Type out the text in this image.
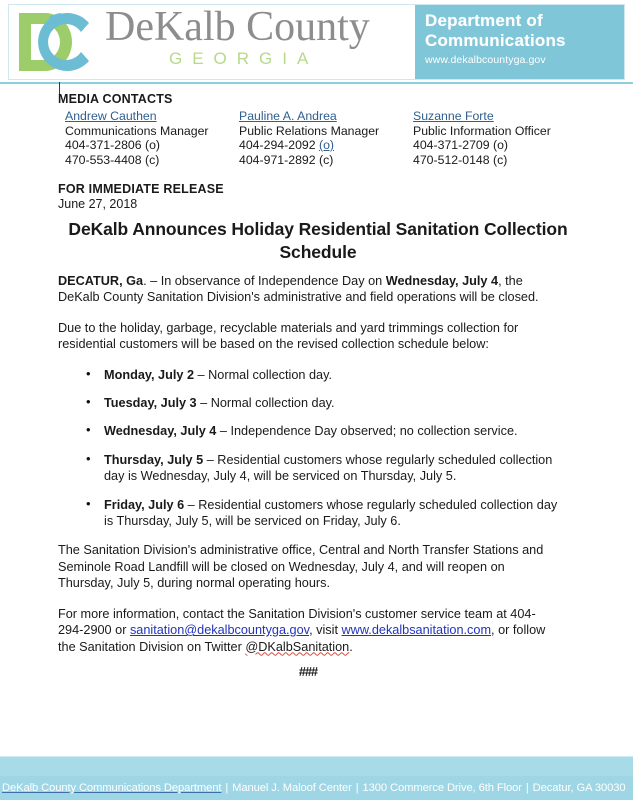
DeKalb County
GEORGIA
Department of
Communications
www.dekalbcountyga.gov
MEDIA CONTACTS
Andrew Cauthen
Communications Manager
404-371-2806 (o)
470-553-4408 (c)
Pauline A. Andrea
Public Relations Manager
404-294-2092 (o)
404-971-2892 (c)
Suzanne Forte
Public Information Officer
404-371-2709 (o)
470-512-0148 (c)
FOR IMMEDIATE RELEASE
June 27, 2018
DeKalb Announces Holiday Residential Sanitation Collection Schedule

DECATUR, Ga. – In observance of Independence Day on Wednesday, July 4, the DeKalb County Sanitation Division's administrative and field operations will be closed.

Due to the holiday, garbage, recyclable materials and yard trimmings collection for residential customers will be based on the revised collection schedule below:

• Monday, July 2 – Normal collection day.
• Tuesday, July 3 – Normal collection day.
• Wednesday, July 4 – Independence Day observed; no collection service.
• Thursday, July 5 – Residential customers whose regularly scheduled collection day is Wednesday, July 4, will be serviced on Thursday, July 5.
• Friday, July 6 – Residential customers whose regularly scheduled collection day is Thursday, July 5, will be serviced on Friday, July 6.

The Sanitation Division's administrative office, Central and North Transfer Stations and Seminole Road Landfill will be closed on Wednesday, July 4, and will reopen on Thursday, July 5, during normal operating hours.

For more information, contact the Sanitation Division's customer service team at 404-294-2900 or sanitation@dekalbcountyga.gov, visit www.dekalbsanitation.com, or follow the Sanitation Division on Twitter @DKalbSanitation.

###
DeKalb County Communications Department | Manuel J. Maloof Center | 1300 Commerce Drive, 6th Floor | Decatur, GA 30030
